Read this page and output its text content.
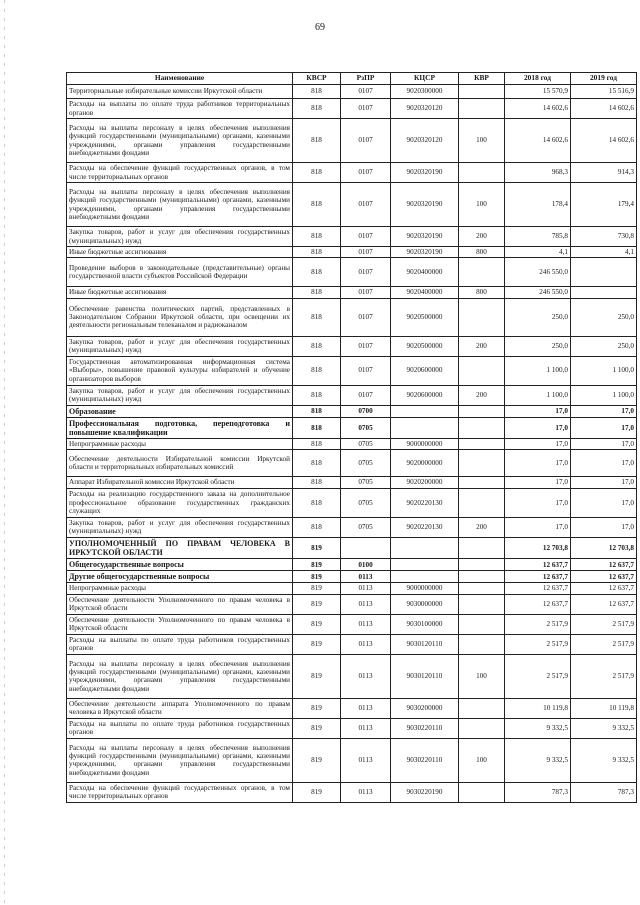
69
Наименование	КВСР	РзПР	КЦСР	КВР	2018 год	2019 год
Территориальные избирательные комиссии Иркутской области	818	0107	9020300000		15 570,9	15 516,9
Расходы на выплаты по оплате труда работников территориальных органов	818	0107	9020320120		14 602,6	14 602,6
Расходы на выплаты персоналу в целях обеспечения выполнения функций государственными (муниципальными) органами, казенными учреждениями, органами управления государственными внебюджетными фондами	818	0107	9020320120	100	14 602,6	14 602,6
Расходы на обеспечение функций государственных органов, в том числе территориальных органов	818	0107	9020320190		968,3	914,3
Расходы на выплаты персоналу в целях обеспечения выполнения функций государственными (муниципальными) органами, казенными учреждениями, органами управления государственными внебюджетными фондами	818	0107	9020320190	100	178,4	179,4
Закупка товаров, работ и услуг для обеспечения государственных (муниципальных) нужд	818	0107	9020320190	200	785,8	730,8
Иные бюджетные ассигнования	818	0107	9020320190	800	4,1	4,1
Проведение выборов в законодательные (представительные) органы государственной власти субъектов Российской Федерации	818	0107	9020400000		246 550,0	
Иные бюджетные ассигнования	818	0107	9020400000	800	246 550,0	
Обеспечение равенства политических партий, представленных в Законодательном Собрании Иркутской области, при освещении их деятельности региональным телеканалом и радиоканалом	818	0107	9020500000		250,0	250,0
Закупка товаров, работ и услуг для обеспечения государственных (муниципальных) нужд	818	0107	9020500000	200	250,0	250,0
Государственная автоматизированная информационная система «Выборы», повышение правовой культуры избирателей и обучение организаторов выборов	818	0107	9020600000		1 100,0	1 100,0
Закупка товаров, работ и услуг для обеспечения государственных (муниципальных) нужд	818	0107	9020600000	200	1 100,0	1 100,0
Образование	818	0700			17,0	17,0
Профессиональная подготовка, переподготовка и повышение квалификации	818	0705			17,0	17,0
Непрограммные расходы	818	0705	9000000000		17,0	17,0
Обеспечение деятельности Избирательной комиссии Иркутской области и территориальных избирательных комиссий	818	0705	9020000000		17,0	17,0
Аппарат Избирательной комиссии Иркутской области	818	0705	9020200000		17,0	17,0
Расходы на реализацию государственного заказа на дополнительное профессиональное образование государственных гражданских служащих	818	0705	9020220130		17,0	17,0
Закупка товаров, работ и услуг для обеспечения государственных (муниципальных) нужд	818	0705	9020220130	200	17,0	17,0
УПОЛНОМОЧЕННЫЙ ПО ПРАВАМ ЧЕЛОВЕКА В ИРКУТСКОЙ ОБЛАСТИ	819				12 703,8	12 703,8
Общегосударственные вопросы	819	0100			12 637,7	12 637,7
Другие общегосударственные вопросы	819	0113			12 637,7	12 637,7
Непрограммные расходы	819	0113	9000000000		12 637,7	12 637,7
Обеспечение деятельности Уполномоченного по правам человека в Иркутской области	819	0113	9030000000		12 637,7	12 637,7
Обеспечение деятельности Уполномоченного по правам человека в Иркутской области	819	0113	9030100000		2 517,9	2 517,9
Расходы на выплаты по оплате труда работников государственных органов	819	0113	9030120110		2 517,9	2 517,9
Расходы на выплаты персоналу в целях обеспечения выполнения функций государственными (муниципальными) органами, казенными учреждениями, органами управления государственными внебюджетными фондами	819	0113	9030120110	100	2 517,9	2 517,9
Обеспечение деятельности аппарата Уполномоченного по правам человека в Иркутской области	819	0113	9030200000		10 119,8	10 119,8
Расходы на выплаты по оплате труда работников государственных органов	819	0113	9030220110		9 332,5	9 332,5
Расходы на выплаты персоналу в целях обеспечения выполнения функций государственными (муниципальными) органами, казенными учреждениями, органами управления государственными внебюджетными фондами	819	0113	9030220110	100	9 332,5	9 332,5
Расходы на обеспечение функций государственных органов, в том числе территориальных органов	819	0113	9030220190		787,3	787,3
